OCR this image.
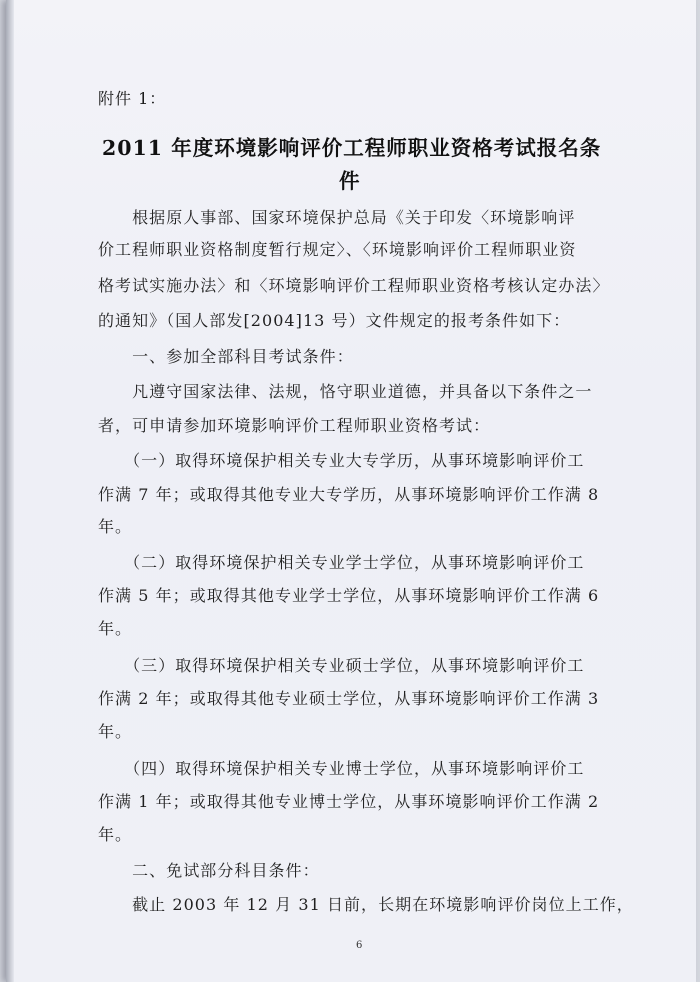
附件 1：
2011 年度环境影响评价工程师职业资格考试报名条
件
　　根据原人事部、国家环境保护总局《关于印发〈环境影响评
价工程师职业资格制度暂行规定〉、〈环境影响评价工程师职业资
格考试实施办法〉和〈环境影响评价工程师职业资格考核认定办法〉
的通知》（国人部发[2004]13 号）文件规定的报考条件如下：
　　一、参加全部科目考试条件：
　　凡遵守国家法律、法规，恪守职业道德，并具备以下条件之一
者，可申请参加环境影响评价工程师职业资格考试：
　　（一）取得环境保护相关专业大专学历，从事环境影响评价工
作满 7 年；或取得其他专业大专学历，从事环境影响评价工作满 8
年。
　　（二）取得环境保护相关专业学士学位，从事环境影响评价工
作满 5 年；或取得其他专业学士学位，从事环境影响评价工作满 6
年。
　　（三）取得环境保护相关专业硕士学位，从事环境影响评价工
作满 2 年；或取得其他专业硕士学位，从事环境影响评价工作满 3
年。
　　（四）取得环境保护相关专业博士学位，从事环境影响评价工
作满 1 年；或取得其他专业博士学位，从事环境影响评价工作满 2
年。
　　二、免试部分科目条件：
　　截止 2003 年 12 月 31 日前，长期在环境影响评价岗位上工作，
6
